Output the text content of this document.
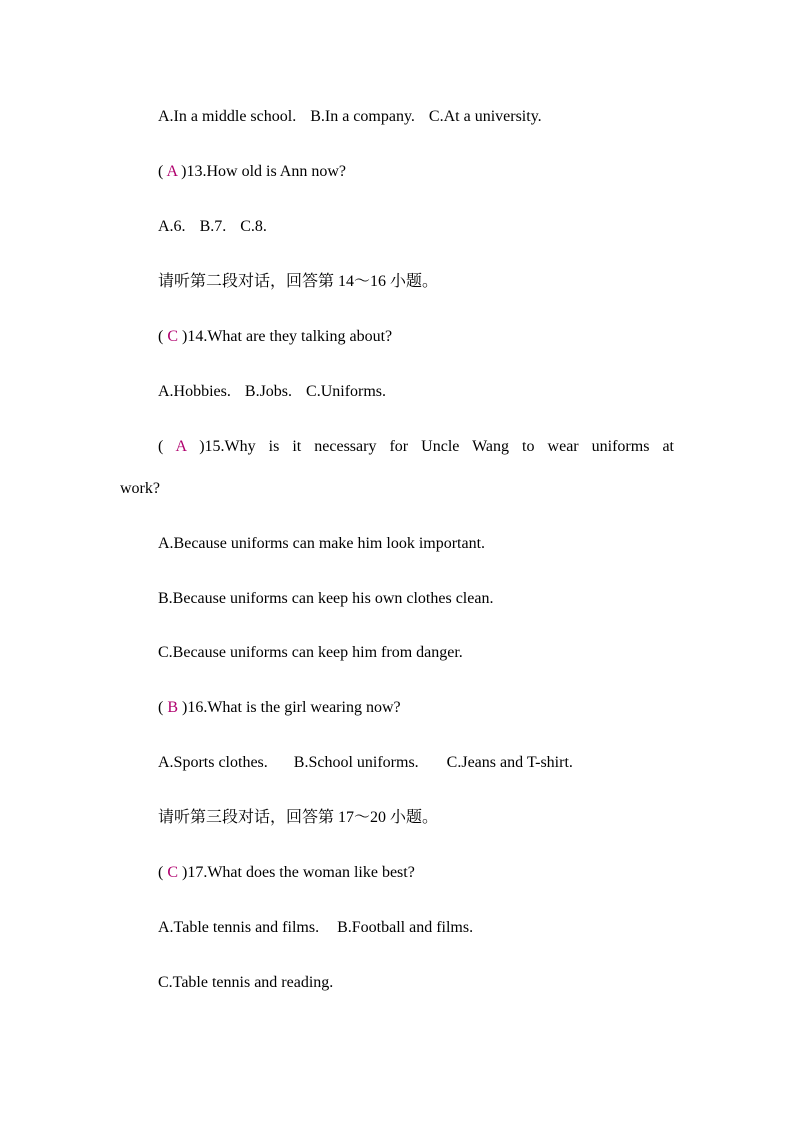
A.In a middle school. B.In a company. C.At a university.
( A )13.How old is Ann now?
A.6. B.7. C.8.
请听第二段对话，回答第 14～16 小题。
( C )14.What are they talking about?
A.Hobbies. B.Jobs. C.Uniforms.
( A )15.Why is it necessary for Uncle Wang to wear uniforms at
work?
A.Because uniforms can make him look important.
B.Because uniforms can keep his own clothes clean.
C.Because uniforms can keep him from danger.
( B )16.What is the girl wearing now?
A.Sports clothes. B.School uniforms. C.Jeans and T-shirt.
请听第三段对话，回答第 17～20 小题。
( C )17.What does the woman like best?
A.Table tennis and films. B.Football and films.
C.Table tennis and reading.
